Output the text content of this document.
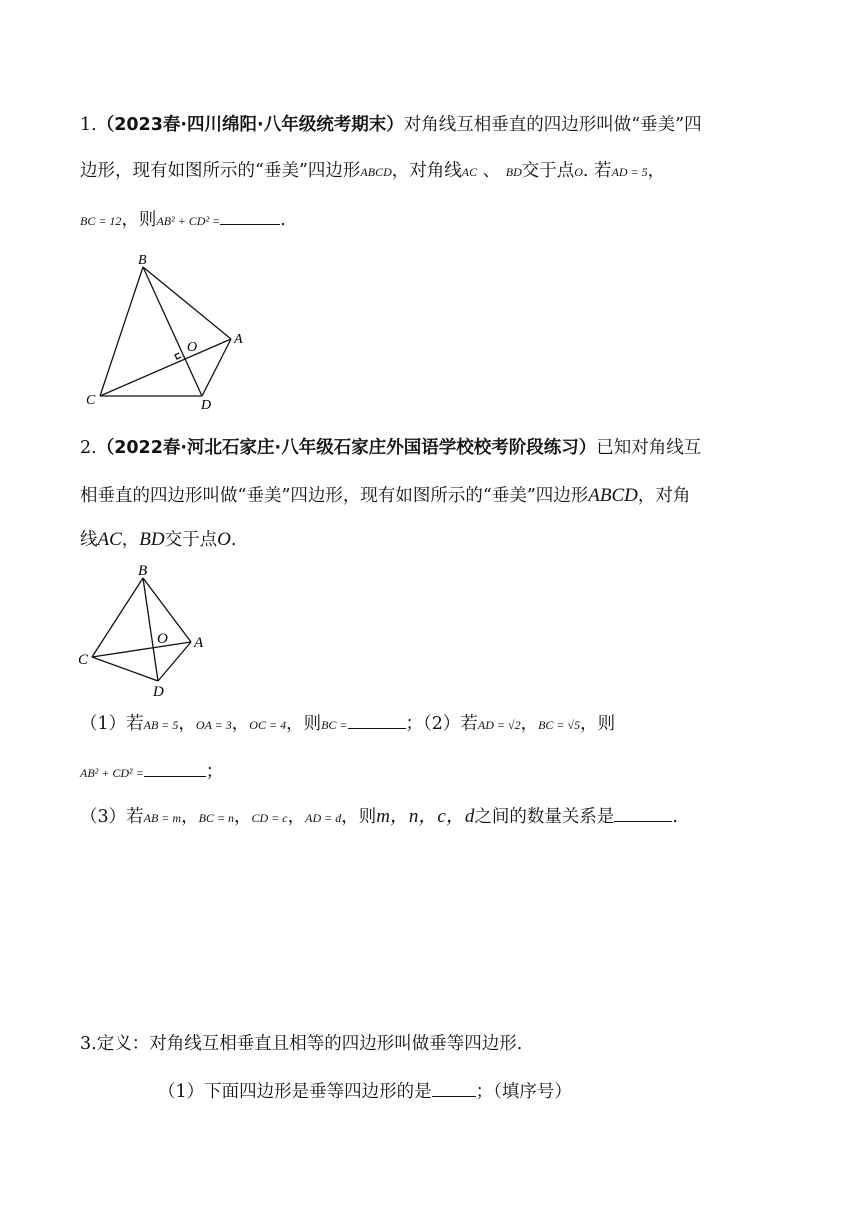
1.（2023春·四川绵阳·八年级统考期末）对角线互相垂直的四边形叫做“垂美”四
边形，现有如图所示的“垂美”四边形ABCD，对角线AC 、 BD交于点O. 若AD = 5，
BC = 12，则AB² + CD² =	.
B
A
O
C	D
2.（2022春·河北石家庄·八年级石家庄外国语学校校考阶段练习）已知对角线互
相垂直的四边形叫做“垂美”四边形，现有如图所示的“垂美”四边形ABCD，对角
线AC，BD交于点O.
B
A
O
C
D
（1）若AB = 5，OA = 3，OC = 4，则BC =	；（2）若AD = √2，BC = √5，则
AB² + CD² =	；
（3）若AB = m，BC = n，CD = c，AD = d，则m，n，c，d之间的数量关系是	.
3.定义：对角线互相垂直且相等的四边形叫做垂等四边形.
（1）下面四边形是垂等四边形的是	；（填序号）
